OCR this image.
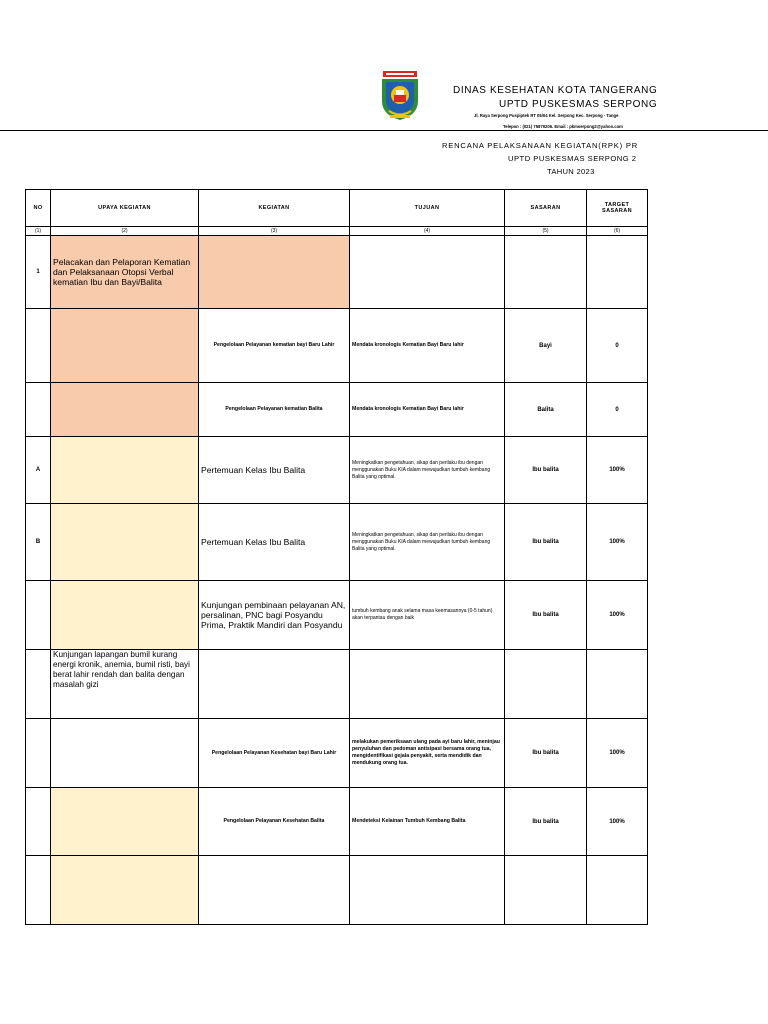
DINAS KESEHATAN KOTA TANGERANG
UPTD PUSKESMAS SERPONG
Jl. Raya Serpong Puspiptek RT 05/04 Kel. Serpong Kec. Serpong - Tange
Telepon : (021) 75879206. Email : pkmserpong2@yahoo.com
RENCANA PELAKSANAAN KEGIATAN(RPK) PR
UPTD PUSKESMAS SERPONG 2
TAHUN 2023
NO	UPAYA KEGIATAN	KEGIATAN	TUJUAN	SASARAN	TARGET SASARAN
(1)	(2)	(3)	(4)	(5)	(6)
1	Pelacakan dan Pelaporan Kematian dan Pelaksanaan Otopsi Verbal kematian Ibu dan Bayi/Balita				
		Pengelolaan Pelayanan kematian bayi Baru Lahir	Mendata kronologis Kematian Bayi Baru lahir	Bayi	0
		Pengelolaan Pelayanan kematian Balita	Mendata kronologis Kematian Bayi Baru lahir	Balita	0
A		Pertemuan Kelas Ibu Balita	Meningkatkan pengetahuan, sikap dan perilaku ibu dengan menggunakan Buku KIA dalam mewujudkan tumbuh kembang Balita yang optimal.	Ibu balita	100%
B		Pertemuan Kelas Ibu Balita	Meningkatkan pengetahuan, sikap dan perilaku ibu dengan menggunakan Buku KIA dalam mewujudkan tumbuh kembang Balita yang optimal.	Ibu balita	100%
		Kunjungan pembinaan pelayanan AN, persalinan, PNC bagi Posyandu Prima, Praktik Mandiri dan Posyandu	tumbuh kembang anak selama masa keemasannya (0-5 tahun) akan terpantau dengan baik	Ibu balita	100%
	Kunjungan lapangan bumil kurang energi kronik, anemia, bumil risti, bayi berat lahir rendah dan balita dengan masalah gizi				
		Pengelolaan Pelayanan Kesehatan bayi Baru Lahir	melakukan pemeriksaan ulang pada ayi baru lahir, meninjau penyuluhan dan pedoman antisipasi bersama orang tua, mengidentifikasi gejala penyakit, serta mendidik dan mendukung orang tua.	Ibu balita	100%
		Pengelolaan Pelayanan Kesehatan Balita	Mendeteksi Kelainan Tumbuh Kembang Balita	Ibu balita	100%
